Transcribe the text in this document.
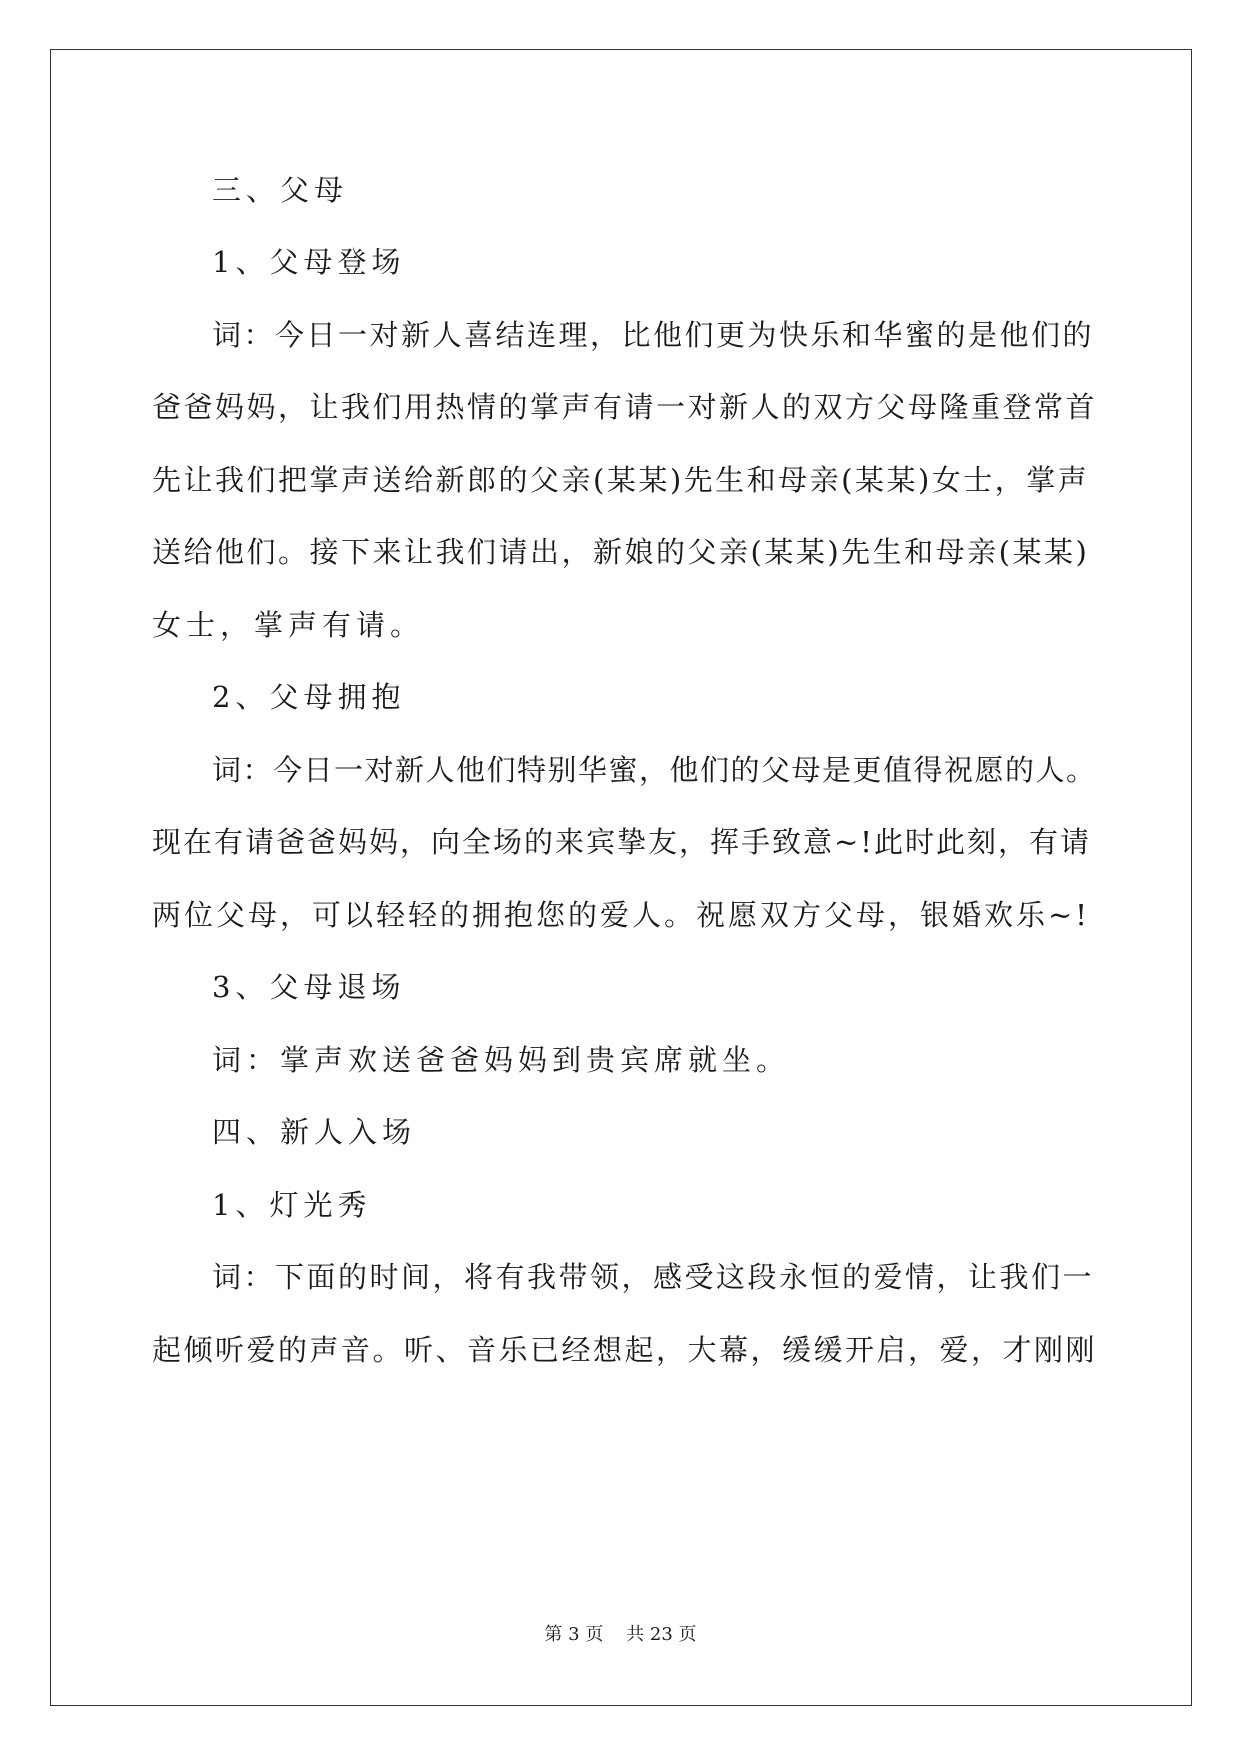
三、父母
1、父母登场
词：今日一对新人喜结连理，比他们更为快乐和华蜜的是他们的
爸爸妈妈，让我们用热情的掌声有请一对新人的双方父母隆重登常首
先让我们把掌声送给新郎的父亲(某某)先生和母亲(某某)女士，掌声
送给他们。接下来让我们请出，新娘的父亲(某某)先生和母亲(某某)
女士，掌声有请。
2、父母拥抱
词：今日一对新人他们特别华蜜，他们的父母是更值得祝愿的人。
现在有请爸爸妈妈，向全场的来宾挚友，挥手致意~!此时此刻，有请
两位父母，可以轻轻的拥抱您的爱人。祝愿双方父母，银婚欢乐~!
3、父母退场
词：掌声欢送爸爸妈妈到贵宾席就坐。
四、新人入场
1、灯光秀
词：下面的时间，将有我带领，感受这段永恒的爱情，让我们一
起倾听爱的声音。听、音乐已经想起，大幕，缓缓开启，爱，才刚刚
第 3 页    共 23 页
